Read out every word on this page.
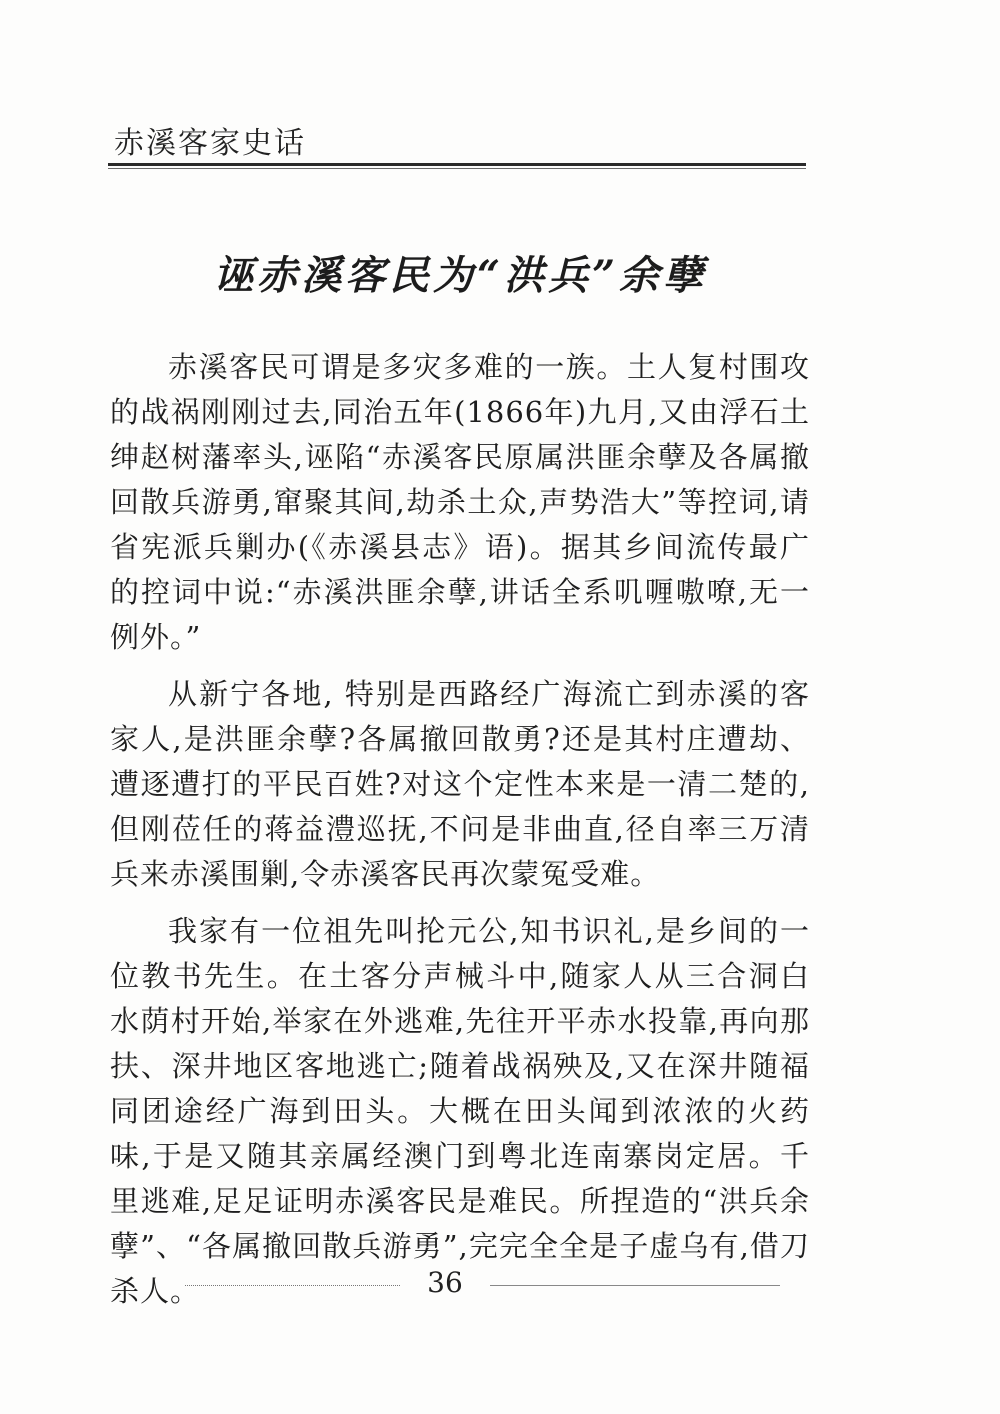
赤溪客家史话
诬赤溪客民为“洪兵”余孽

赤溪客民可谓是多灾多难的一族。土人复村围攻的战祸刚刚过去,同治五年(1866年)九月,又由浮石土绅赵树藩率头,诬陷“赤溪客民原属洪匪余孽及各属撤回散兵游勇,窜聚其间,劫杀土众,声势浩大”等控词,请省宪派兵剿办(《赤溪县志》语)。据其乡间流传最广的控词中说:“赤溪洪匪余孽,讲话全系叽喱嗷嘹,无一例外。”

从新宁各地, 特别是西路经广海流亡到赤溪的客家人,是洪匪余孽?各属撤回散勇?还是其村庄遭劫、遭逐遭打的平民百姓?对这个定性本来是一清二楚的,但刚莅任的蒋益澧巡抚,不问是非曲直,径自率三万清兵来赤溪围剿,令赤溪客民再次蒙冤受难。

我家有一位祖先叫抡元公,知书识礼,是乡间的一位教书先生。在土客分声械斗中,随家人从三合洞白水荫村开始,举家在外逃难,先往开平赤水投靠,再向那扶、深井地区客地逃亡;随着战祸殃及,又在深井随福同团途经广海到田头。大概在田头闻到浓浓的火药味,于是又随其亲属经澳门到粤北连南寨岗定居。千里逃难,足足证明赤溪客民是难民。所捏造的“洪兵余孽”、“各属撤回散兵游勇”,完完全全是子虚乌有,借刀杀人。	36
